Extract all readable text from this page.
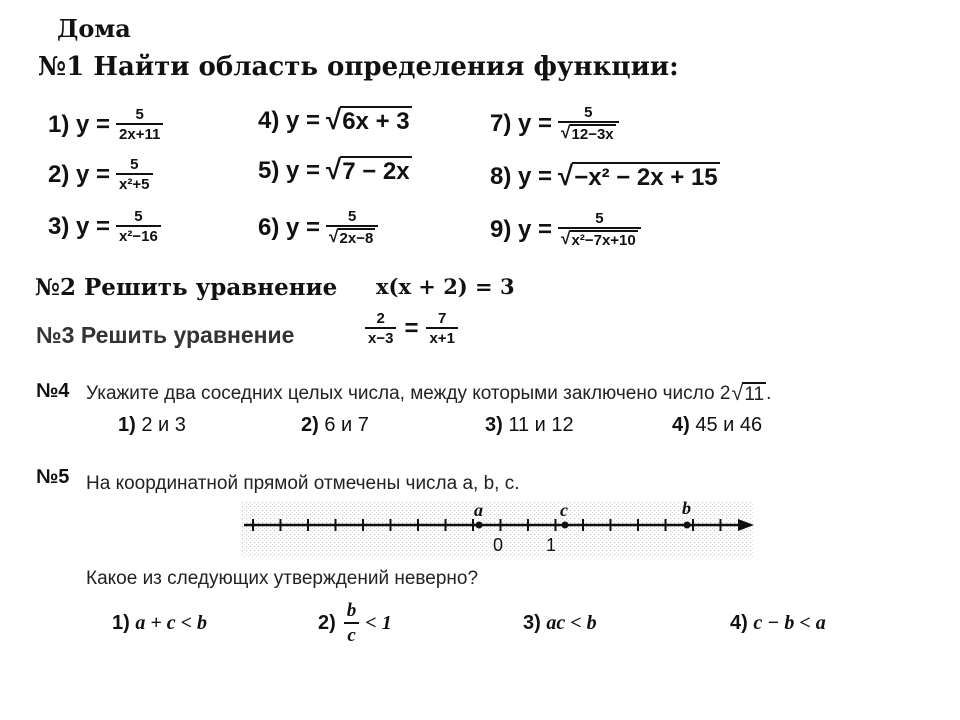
Дома
№1 Найти область определения функции:
1) $у = \frac{5}{2х+11}$
2) $у = \frac{5}{\text{х²+5}}$
3) $у = \frac{5}{\text{х²−16}}$
4) у = √ 6х + 3
5) у = √ 7 − 2х
6) $у = \frac{5}{√ 2х-8}$
7) $у = \frac{5}{√ 12-3х}$
8) у = √ −х² − 2х + 15
9) $у = \frac{5}{\text{√ х²−7х+10}}$
№2 Решить уравнение х(х + 2) = 3
№3 Решить уравнение	$\frac{2}{х-3} = \frac{7}{х+1}$
№4 Укажите два соседних целых числа, между которыми заключено число 2 √ 11 .
1) 2 и 3	2) 6 и 7	3) 11 и 12	4) 45 и 46
№5 На координатной прямой отмечены числа a, b, c.
a	c	b
0 1
Какое из следующих утверждений неверно?
1) a + c < b	$2) \frac{b}{c} < 1$	3) ac < b	4) c − b < a
